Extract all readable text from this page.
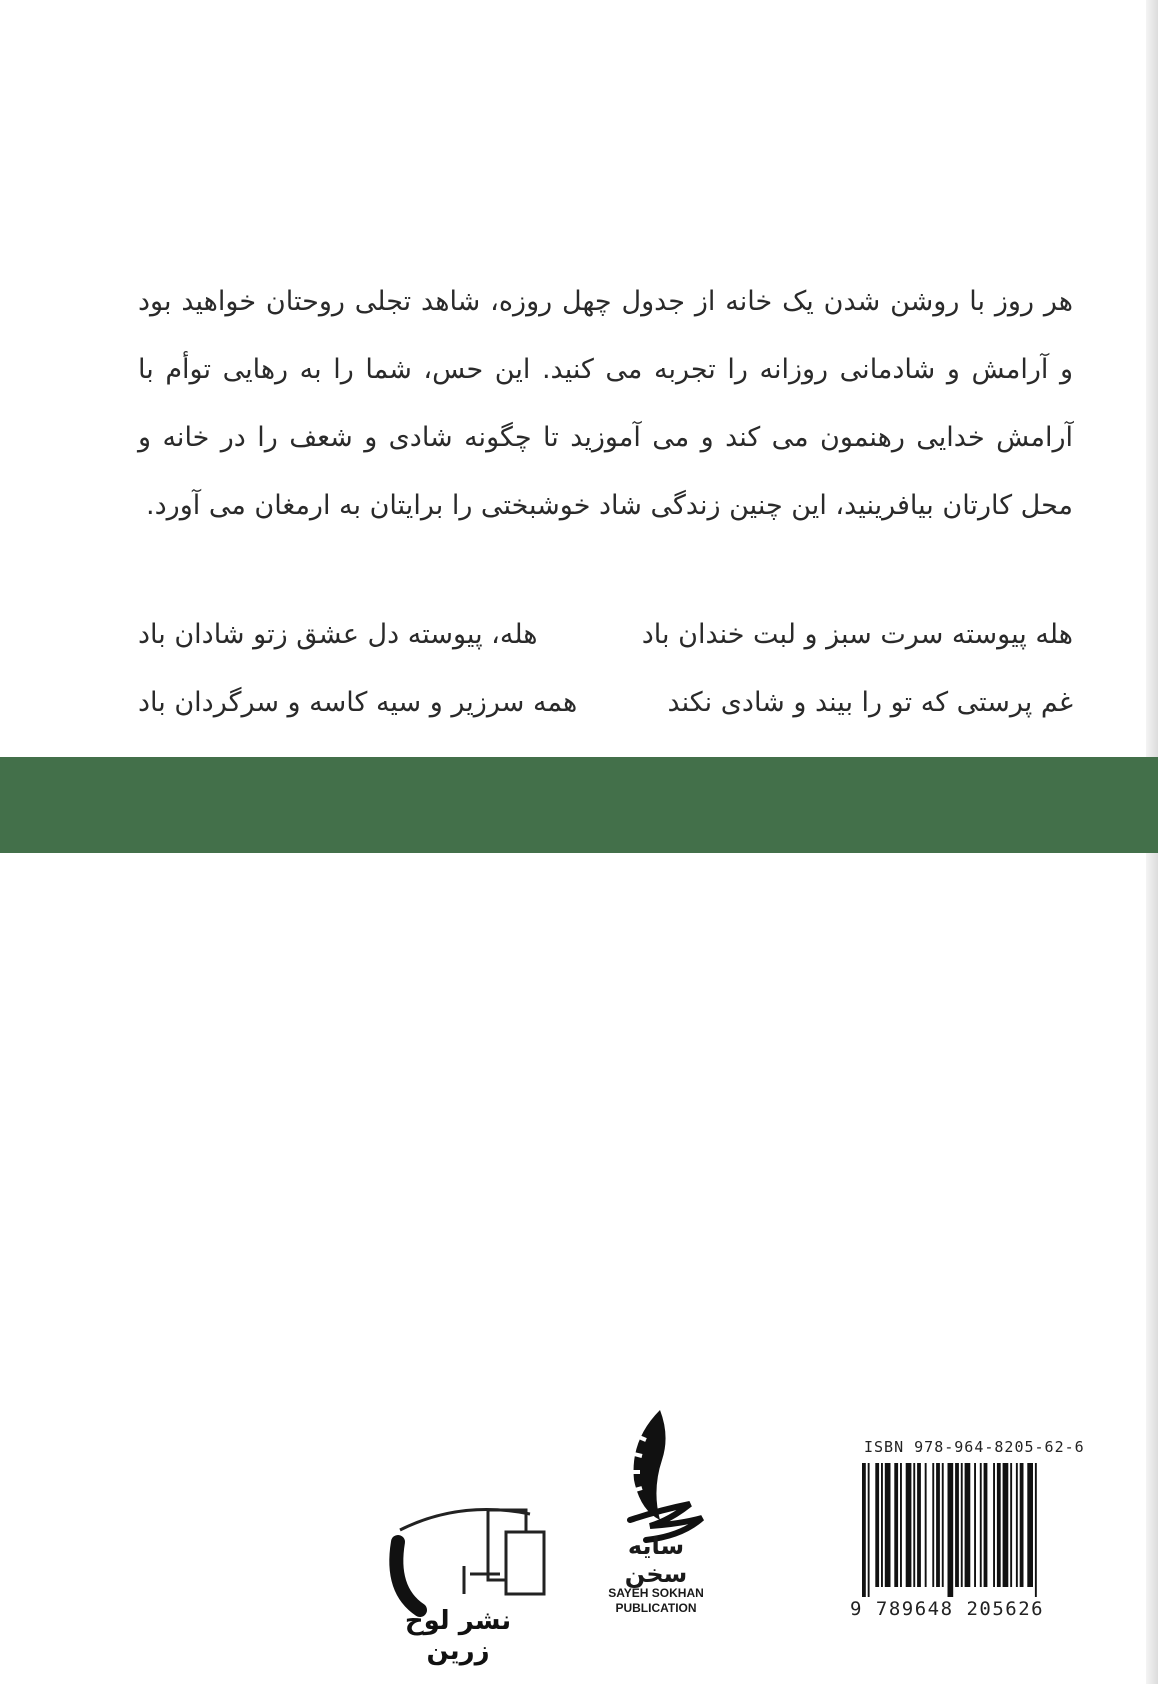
هر روز با روشن شدن یک خانه از جدول چهل روزه، شاهد تجلی روحتان خواهید بود و آرامش و شادمانی روزانه را تجربه می کنید. این حس، شما را به رهایی توأم با آرامش خدایی رهنمون می کند و می آموزید تا چگونه شادی و شعف را در خانه و محل کارتان بیافرینید، این چنین زندگی شاد خوشبختی را برایتان به ارمغان می آورد.
هله پیوسته سرت سبز و لبت خندان باد
هله، پیوسته دل عشق زتو شادان باد
غم پرستی که تو را بیند و شادی نکند
همه سرزیر و سیه کاسه و سرگردان باد
نشر لوح زرین
سایه سخن
SAYEH SOKHAN
PUBLICATION
ISBN 978-964-8205-62-6
9 789648 205626
